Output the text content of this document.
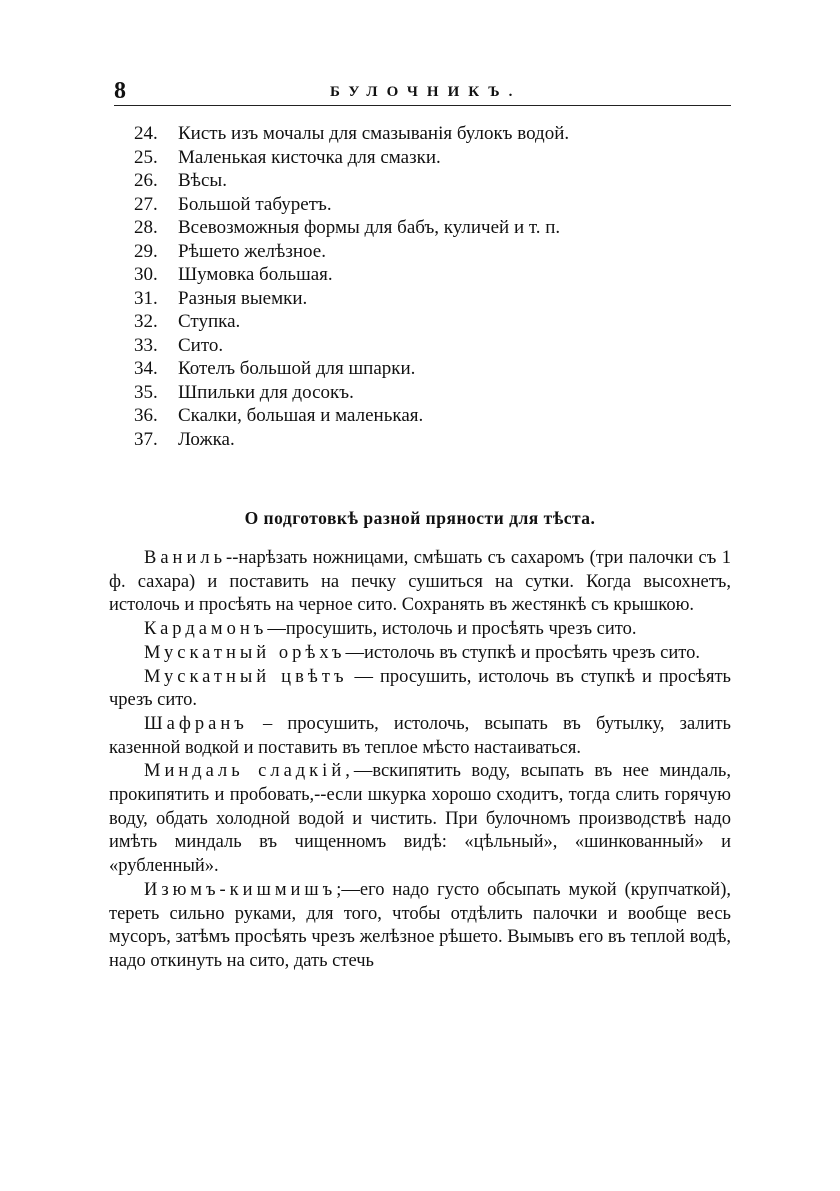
8	БУЛОЧНИКЪ.
24. Кисть изъ мочалы для смазыванія булокъ водой.
25. Маленькая кисточка для смазки.
26. Вѣсы.
27. Большой табуретъ.
28. Всевозможныя формы для бабъ, куличей и т. п.
29. Рѣшето желѣзное.
30. Шумовка большая.
31. Разныя выемки.
32. Ступка.
33. Сито.
34. Котелъ большой для шпарки.
35. Шпильки для досокъ.
36. Скалки, большая и маленькая.
37. Ложка.
О подготовкѣ разной пряности для тѣста.

Ваниль--нарѣзать ножницами, смѣшать съ сахаромъ (три палочки съ 1 ф. сахара) и поставить на печку сушиться на сутки. Когда высохнетъ, истолочь и просѣять на черное сито. Сохранять въ жестянкѣ съ крышкою.

Кардамонъ—просушить, истолочь и просѣять чрезъ сито.

Мускатный орѣхъ—истолочь въ ступкѣ и просѣять чрезъ сито.

Мускатный цвѣтъ — просушить, истолочь въ ступкѣ и просѣять чрезъ сито.

Шафранъ – просушить, истолочь, всыпать въ бутылку, залить казенной водкой и поставить въ теплое мѣсто настаиваться.

Миндаль сладкій,—вскипятить воду, всыпать въ нее миндаль, прокипятить и пробовать,--если шкурка хорошо сходитъ, тогда слить горячую воду, обдать холодной водой и чистить. При булочномъ производствѣ надо имѣть миндаль въ чищенномъ видѣ: «цѣльный», «шинкованный» и «рубленный».

Изюмъ-кишмишъ;—его надо густо обсыпать мукой (крупчаткой), тереть сильно руками, для того, чтобы отдѣлить палочки и вообще весь мусоръ, затѣмъ просѣять чрезъ желѣзное рѣшето. Вымывъ его въ теплой водѣ, надо откинуть на сито, дать стечь
